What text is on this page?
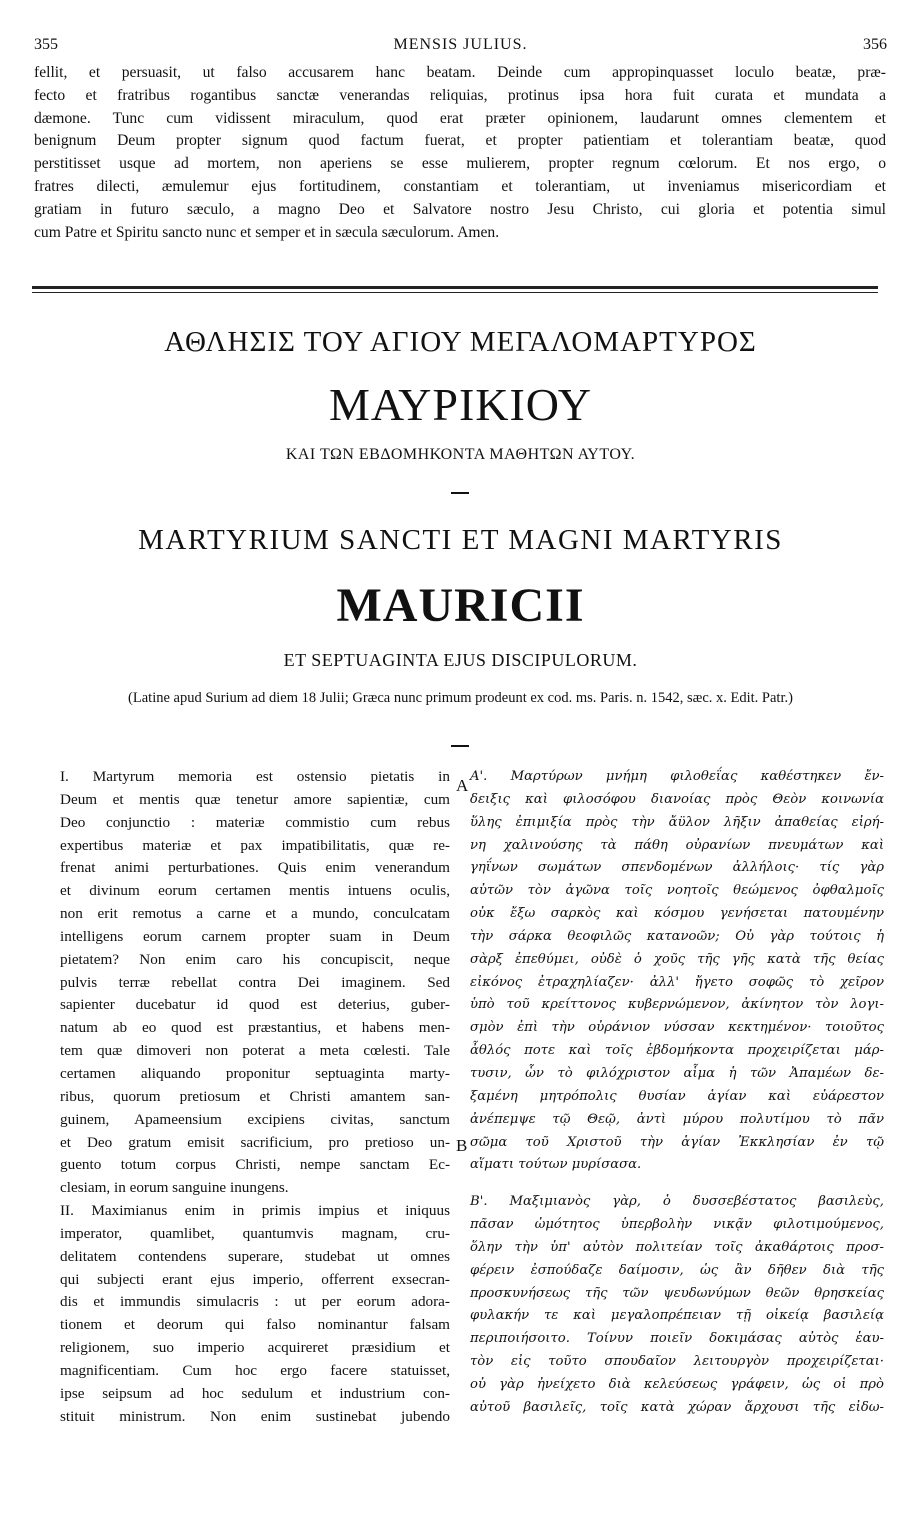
355	MENSIS JULIUS.	356
fellit, et persuasit, ut falso accusarem hanc beatam. Deinde cum appropinquasset loculo beatæ, præ-
fecto et fratribus rogantibus sanctæ venerandas reliquias, protinus ipsa hora fuit curata et mundata a
dæmone. Tunc cum vidissent miraculum, quod erat præter opinionem, laudarunt omnes clementem et
benignum Deum propter signum quod factum fuerat, et propter patientiam et tolerantiam beatæ, quod
perstitisset usque ad mortem, non aperiens se esse mulierem, propter regnum cœlorum. Et nos ergo, o
fratres dilecti, æmulemur ejus fortitudinem, constantiam et tolerantiam, ut inveniamus misericordiam et
gratiam in futuro sæculo, a magno Deo et Salvatore nostro Jesu Christo, cui gloria et potentia simul
cum Patre et Spiritu sancto nunc et semper et in sæcula sæculorum. Amen.
ΑΘΛΗΣΙΣ ΤΟΥ ΑΓΙΟΥ ΜΕΓΑΛΟΜΑΡΤΥΡΟΣ
ΜΑΥΡΙΚΙΟΥ
ΚΑΙ ΤΩΝ ΕΒΔΟΜΗΚΟΝΤΑ ΜΑΘΗΤΩΝ ΑΥΤΟΥ.
MARTYRIUM SANCTI ET MAGNI MARTYRIS
MAURICII
ET SEPTUAGINTA EJUS DISCIPULORUM.
(Latine apud Surium ad diem 18 Julii; Græca nunc primum prodeunt ex cod. ms. Paris. n. 1542, sæc. x. Edit. Patr.)
A
B
I. Martyrum memoria est ostensio pietatis in
Deum et mentis quæ tenetur amore sapientiæ, cum
Deo conjunctio : materiæ commistio cum rebus
expertibus materiæ et pax impatibilitatis, quæ re-
frenat animi perturbationes. Quis enim venerandum
et divinum eorum certamen mentis intuens oculis,
non erit remotus a carne et a mundo, conculcatam
intelligens eorum carnem propter suam in Deum
pietatem? Non enim caro his concupiscit, neque
pulvis terræ rebellat contra Dei imaginem. Sed
sapienter ducebatur id quod est deterius, guber-
natum ab eo quod est præstantius, et habens men-
tem quæ dimoveri non poterat a meta cœlesti. Tale
certamen aliquando proponitur septuaginta marty-
ribus, quorum pretiosum et Christi amantem san-
guinem, Apameensium excipiens civitas, sanctum
et Deo gratum emisit sacrificium, pro pretioso un-
guento totum corpus Christi, nempe sanctam Ec-
clesiam, in eorum sanguine inungens.
II. Maximianus enim in primis impius et iniquus
imperator, quamlibet, quantumvis magnam, cru-
delitatem contendens superare, studebat ut omnes
qui subjecti erant ejus imperio, offerrent exsecran-
dis et immundis simulacris : ut per eorum adora-
tionem et deorum qui falso nominantur falsam
religionem, suo imperio acquireret præsidium et
magnificentiam. Cum hoc ergo facere statuisset,
ipse seipsum ad hoc sedulum et industrium con-
stituit ministrum. Non enim sustinebat jubendo
Α'. Μαρτύρων μνήμη φιλοθεΐας καθέστηκεν ἔν-
δειξις καὶ φιλοσόφου διανοίας πρὸς Θεὸν κοινωνία
ὕλης ἐπιμιξία πρὸς τὴν ἄϋλον λῆξιν ἀπαθείας εἰρή-
νη χαλινούσης τὰ πάθη οὐρανίων πνευμάτων καὶ
γηΐνων σωμάτων σπενδομένων ἀλλήλοις· τίς γὰρ
αὐτῶν τὸν ἀγῶνα τοῖς νοητοῖς θεώμενος ὀφθαλμοῖς
οὐκ ἔξω σαρκὸς καὶ κόσμου γενήσεται πατουμένην
τὴν σάρκα θεοφιλῶς κατανοῶν; Οὐ γὰρ τούτοις ἡ
σὰρξ ἐπεθύμει, οὐδὲ ὁ χοῦς τῆς γῆς κατὰ τῆς θείας
εἰκόνος ἐτραχηλίαζεν· ἀλλ' ἤγετο σοφῶς τὸ χεῖρον
ὑπὸ τοῦ κρείττονος κυβερνώμενον, ἀκίνητον τὸν λογι-
σμὸν ἐπὶ τὴν οὐράνιον νύσσαν κεκτημένον· τοιοῦτος
ἆθλός ποτε καὶ τοῖς ἑβδομήκοντα προχειρίζεται μάρ-
τυσιν, ὧν τὸ φιλόχριστον αἷμα ἡ τῶν Ἀπαμέων δε-
ξαμένη μητρόπολις θυσίαν ἁγίαν καὶ εὐάρεστον
ἀνέπεμψε τῷ Θεῷ, ἀντὶ μύρου πολυτίμου τὸ πᾶν
σῶμα τοῦ Χριστοῦ τὴν ἁγίαν Ἐκκλησίαν ἐν τῷ
αἵματι τούτων μυρίσασα.
Β'. Μαξιμιανὸς γὰρ, ὁ δυσσεβέστατος βασιλεὺς,
πᾶσαν ὠμότητος ὑπερβολὴν νικᾷν φιλοτιμούμενος,
ὅλην τὴν ὑπ' αὐτὸν πολιτείαν τοῖς ἀκαθάρτοις προσ-
φέρειν ἐσπούδαζε δαίμοσιν, ὡς ἂν δῆθεν διὰ τῆς
προσκυνήσεως τῆς τῶν ψευδωνύμων θεῶν θρησκείας
φυλακήν τε καὶ μεγαλοπρέπειαν τῇ οἰκείᾳ βασιλείᾳ
περιποιήσοιτο. Τοίνυν ποιεῖν δοκιμάσας αὐτὸς ἑαυ-
τὸν εἰς τοῦτο σπουδαῖον λειτουργὸν προχειρίζεται·
οὐ γὰρ ἠνείχετο διὰ κελεύσεως γράφειν, ὡς οἱ πρὸ
αὐτοῦ βασιλεῖς, τοῖς κατὰ χώραν ἄρχουσι τῆς εἰδω-
